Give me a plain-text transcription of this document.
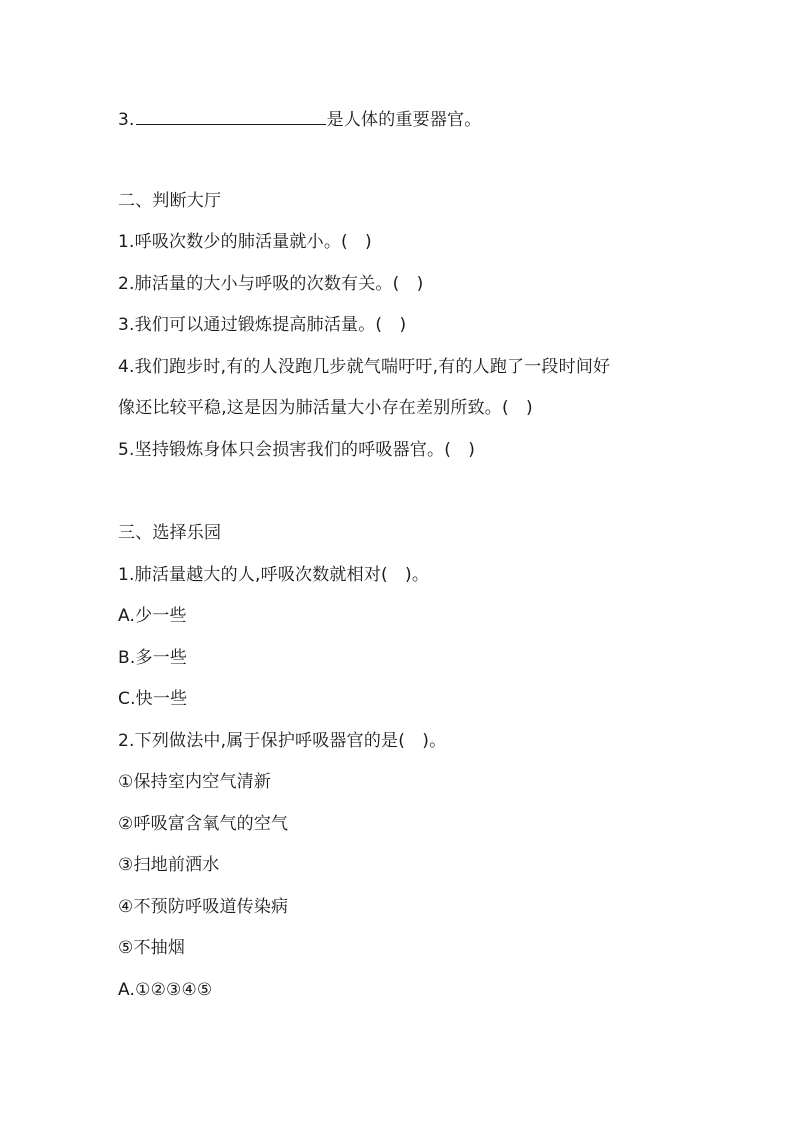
3.	是人体的重要器官。
二、判断大厅
1.呼吸次数少的肺活量就小。(　)
2.肺活量的大小与呼吸的次数有关。(　)
3.我们可以通过锻炼提高肺活量。(　)
4.我们跑步时,有的人没跑几步就气喘吁吁,有的人跑了一段时间好
像还比较平稳,这是因为肺活量大小存在差别所致。(　)
5.坚持锻炼身体只会损害我们的呼吸器官。(　)
三、选择乐园
1.肺活量越大的人,呼吸次数就相对(　)。
A.少一些
B.多一些
C.快一些
2.下列做法中,属于保护呼吸器官的是(　)。
①保持室内空气清新
②呼吸富含氧气的空气
③扫地前洒水
④不预防呼吸道传染病
⑤不抽烟
A.①②③④⑤
